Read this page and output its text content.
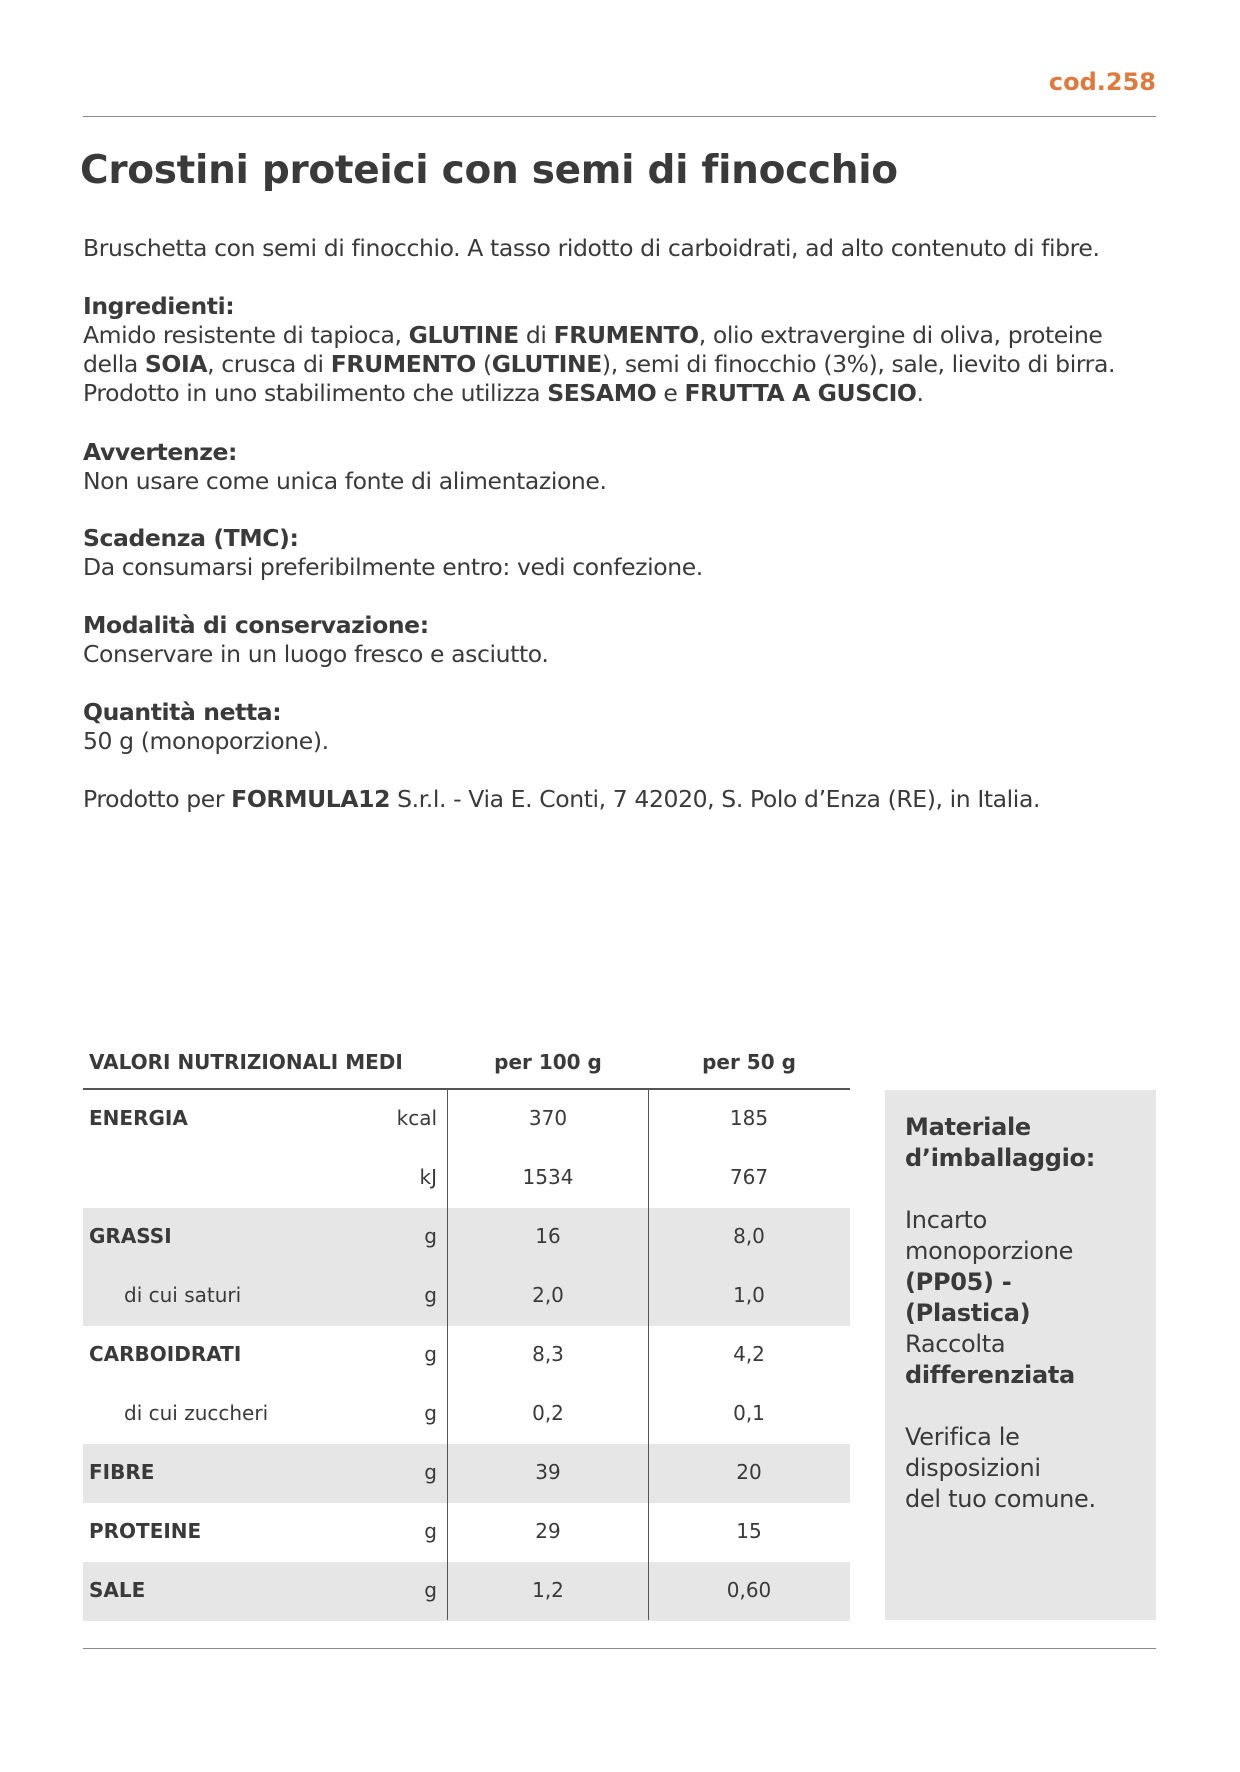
cod.258
Crostini proteici con semi di finocchio

Bruschetta con semi di finocchio. A tasso ridotto di carboidrati, ad alto contenuto di fibre.

Ingredienti:
Amido resistente di tapioca, GLUTINE di FRUMENTO, olio extravergine di oliva, proteine della SOIA, crusca di FRUMENTO (GLUTINE), semi di finocchio (3%), sale, lievito di birra.
Prodotto in uno stabilimento che utilizza SESAMO e FRUTTA A GUSCIO.
Avvertenze:
Non usare come unica fonte di alimentazione.
Scadenza (TMC):
Da consumarsi preferibilmente entro: vedi confezione.
Modalità di conservazione:
Conservare in un luogo fresco e asciutto.
Quantità netta:
50 g (monoporzione).
Prodotto per FORMULA12 S.r.l. - Via E. Conti, 7 42020, S. Polo d’Enza (RE), in Italia.
VALORI NUTRIZIONALI MEDI	per 100 g	per 50 g
ENERGIA	kcal	370	185
kJ	1534	767
GRASSI	g	16	8,0
di cui saturi	g	2,0	1,0
CARBOIDRATI	g	8,3	4,2
di cui zuccheri	g	0,2	0,1
FIBRE	g	39	20
PROTEINE	g	29	15
SALE	g	1,2	0,60

Materiale

d’imballaggio:

Incarto

monoporzione

(PP05) - (Plastica)

Raccolta

differenziata

Verifica le

disposizioni

del tuo comune.
